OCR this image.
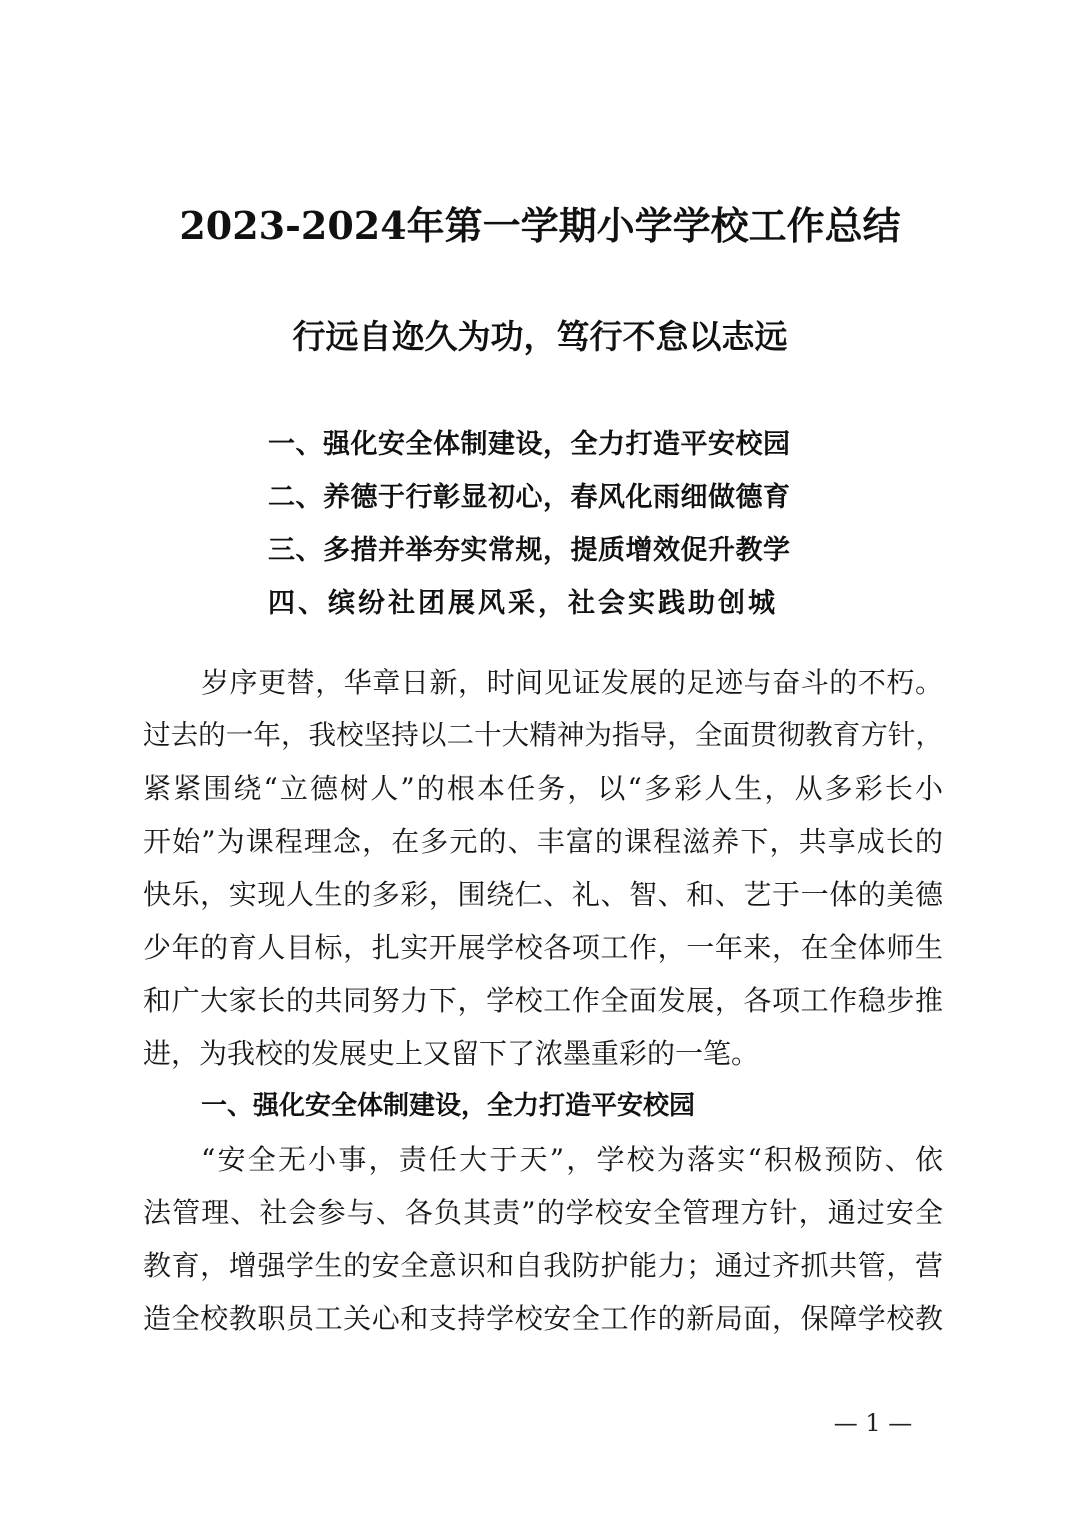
2023-2024年第一学期小学学校工作总结
行远自迩久为功，笃行不怠以志远
一、强化安全体制建设，全力打造平安校园
二、养德于行彰显初心，春风化雨细做德育
三、多措并举夯实常规，提质增效促升教学
四、缤纷社团展风采，社会实践助创城
岁序更替，华章日新，时间见证发展的足迹与奋斗的不朽。
过去的一年，我校坚持以二十大精神为指导，全面贯彻教育方针，
紧紧围绕“立德树人”的根本任务，以“多彩人生，从多彩长小
开始”为课程理念，在多元的、丰富的课程滋养下，共享成长的
快乐，实现人生的多彩，围绕仁、礼、智、和、艺于一体的美德
少年的育人目标，扎实开展学校各项工作，一年来，在全体师生
和广大家长的共同努力下，学校工作全面发展，各项工作稳步推
进，为我校的发展史上又留下了浓墨重彩的一笔。
一、强化安全体制建设，全力打造平安校园
“安全无小事，责任大于天”，学校为落实“积极预防、依
法管理、社会参与、各负其责”的学校安全管理方针，通过安全
教育，增强学生的安全意识和自我防护能力；通过齐抓共管，营
造全校教职员工关心和支持学校安全工作的新局面，保障学校教
— 1 —
